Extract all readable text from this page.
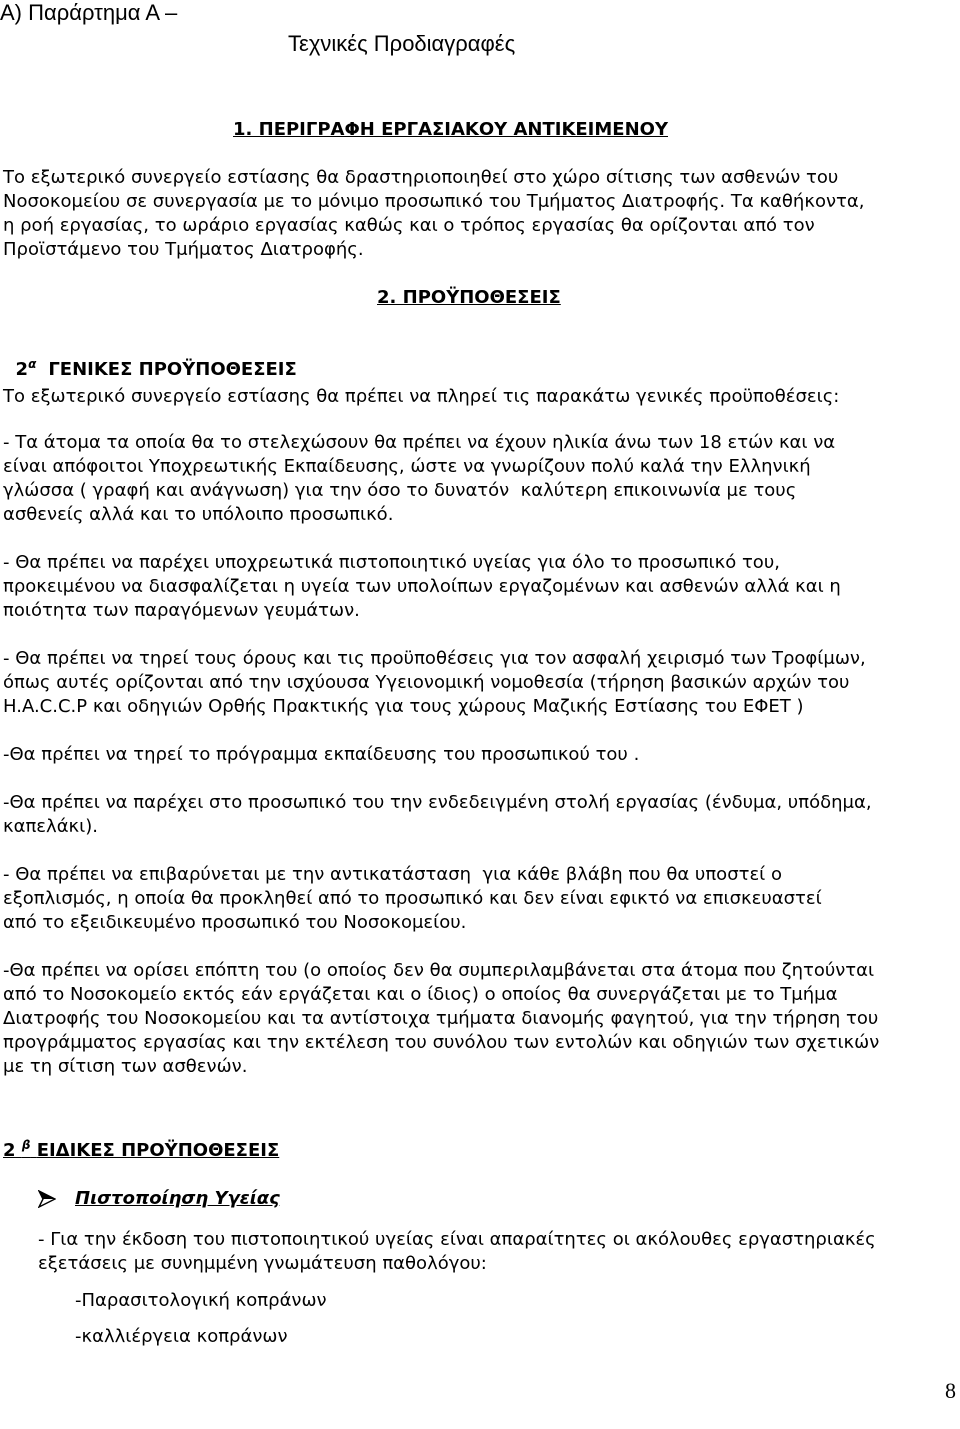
Α) Παράρτημα Α –
Τεχνικές Προδιαγραφές
1. ΠΕΡΙΓΡΑΦΗ ΕΡΓΑΣΙΑΚΟΥ ΑΝΤΙΚΕΙΜΕΝΟΥ
Το εξωτερικό συνεργείο εστίασης θα δραστηριοποιηθεί στο χώρο σίτισης των ασθενών του
Νοσοκομείου σε συνεργασία με το μόνιμο προσωπικό του Τμήματος Διατροφής. Τα καθήκοντα,
η ροή εργασίας, το ωράριο εργασίας καθώς και ο τρόπος εργασίας θα ορίζονται από τον
Προϊστάμενο του Τμήματος Διατροφής.
2. ΠΡΟΫΠΟΘΕΣΕΙΣ

$2^\alpha$ ΓΕΝΙΚΕΣ ΠΡΟΫΠΟΘΕΣΕΙΣ

Το εξωτερικό συνεργείο εστίασης θα πρέπει να πληρεί τις παρακάτω γενικές προϋποθέσεις:
- Τα άτομα τα οποία θα το στελεχώσουν θα πρέπει να έχουν ηλικία άνω των 18 ετών και να
είναι απόφοιτοι Υποχρεωτικής Εκπαίδευσης, ώστε να γνωρίζουν πολύ καλά την Ελληνική
γλώσσα ( γραφή και ανάγνωση) για την όσο το δυνατόν  καλύτερη επικοινωνία με τους
ασθενείς αλλά και το υπόλοιπο προσωπικό.
- Θα πρέπει να παρέχει υποχρεωτικά πιστοποιητικό υγείας για όλο το προσωπικό του,
προκειμένου να διασφαλίζεται η υγεία των υπολοίπων εργαζομένων και ασθενών αλλά και η
ποιότητα των παραγόμενων γευμάτων.
- Θα πρέπει να τηρεί τους όρους και τις προϋποθέσεις για τον ασφαλή χειρισμό των Τροφίμων,
όπως αυτές ορίζονται από την ισχύουσα Υγειονομική νομοθεσία (τήρηση βασικών αρχών του
H.A.C.C.P και οδηγιών Ορθής Πρακτικής για τους χώρους Μαζικής Εστίασης του ΕΦΕΤ )
-Θα πρέπει να τηρεί το πρόγραμμα εκπαίδευσης του προσωπικού του .
-Θα πρέπει να παρέχει στο προσωπικό του την ενδεδειγμένη στολή εργασίας (ένδυμα, υπόδημα,
καπελάκι).
- Θα πρέπει να επιβαρύνεται με την αντικατάσταση  για κάθε βλάβη που θα υποστεί ο
εξοπλισμός, η οποία θα προκληθεί από το προσωπικό και δεν είναι εφικτό να επισκευαστεί
από το εξειδικευμένο προσωπικό του Νοσοκομείου.
-Θα πρέπει να ορίσει επόπτη του (ο οποίος δεν θα συμπεριλαμβάνεται στα άτομα που ζητούνται
από το Νοσοκομείο εκτός εάν εργάζεται και ο ίδιος) ο οποίος θα συνεργάζεται με το Τμήμα
Διατροφής του Νοσοκομείου και τα αντίστοιχα τμήματα διανομής φαγητού, για την τήρηση του
προγράμματος εργασίας και την εκτέλεση του συνόλου των εντολών και οδηγιών των σχετικών
με τη σίτιση των ασθενών.
2 $^\beta$ ΕΙΔΙΚΕΣ ΠΡΟΫΠΟΘΕΣΕΙΣ
Πιστοποίηση Υγείας
- Για την έκδοση του πιστοποιητικού υγείας είναι απαραίτητες οι ακόλουθες εργαστηριακές
εξετάσεις με συνημμένη γνωμάτευση παθολόγου:
-Παρασιτολογική κοπράνων
-καλλιέργεια κοπράνων
8
